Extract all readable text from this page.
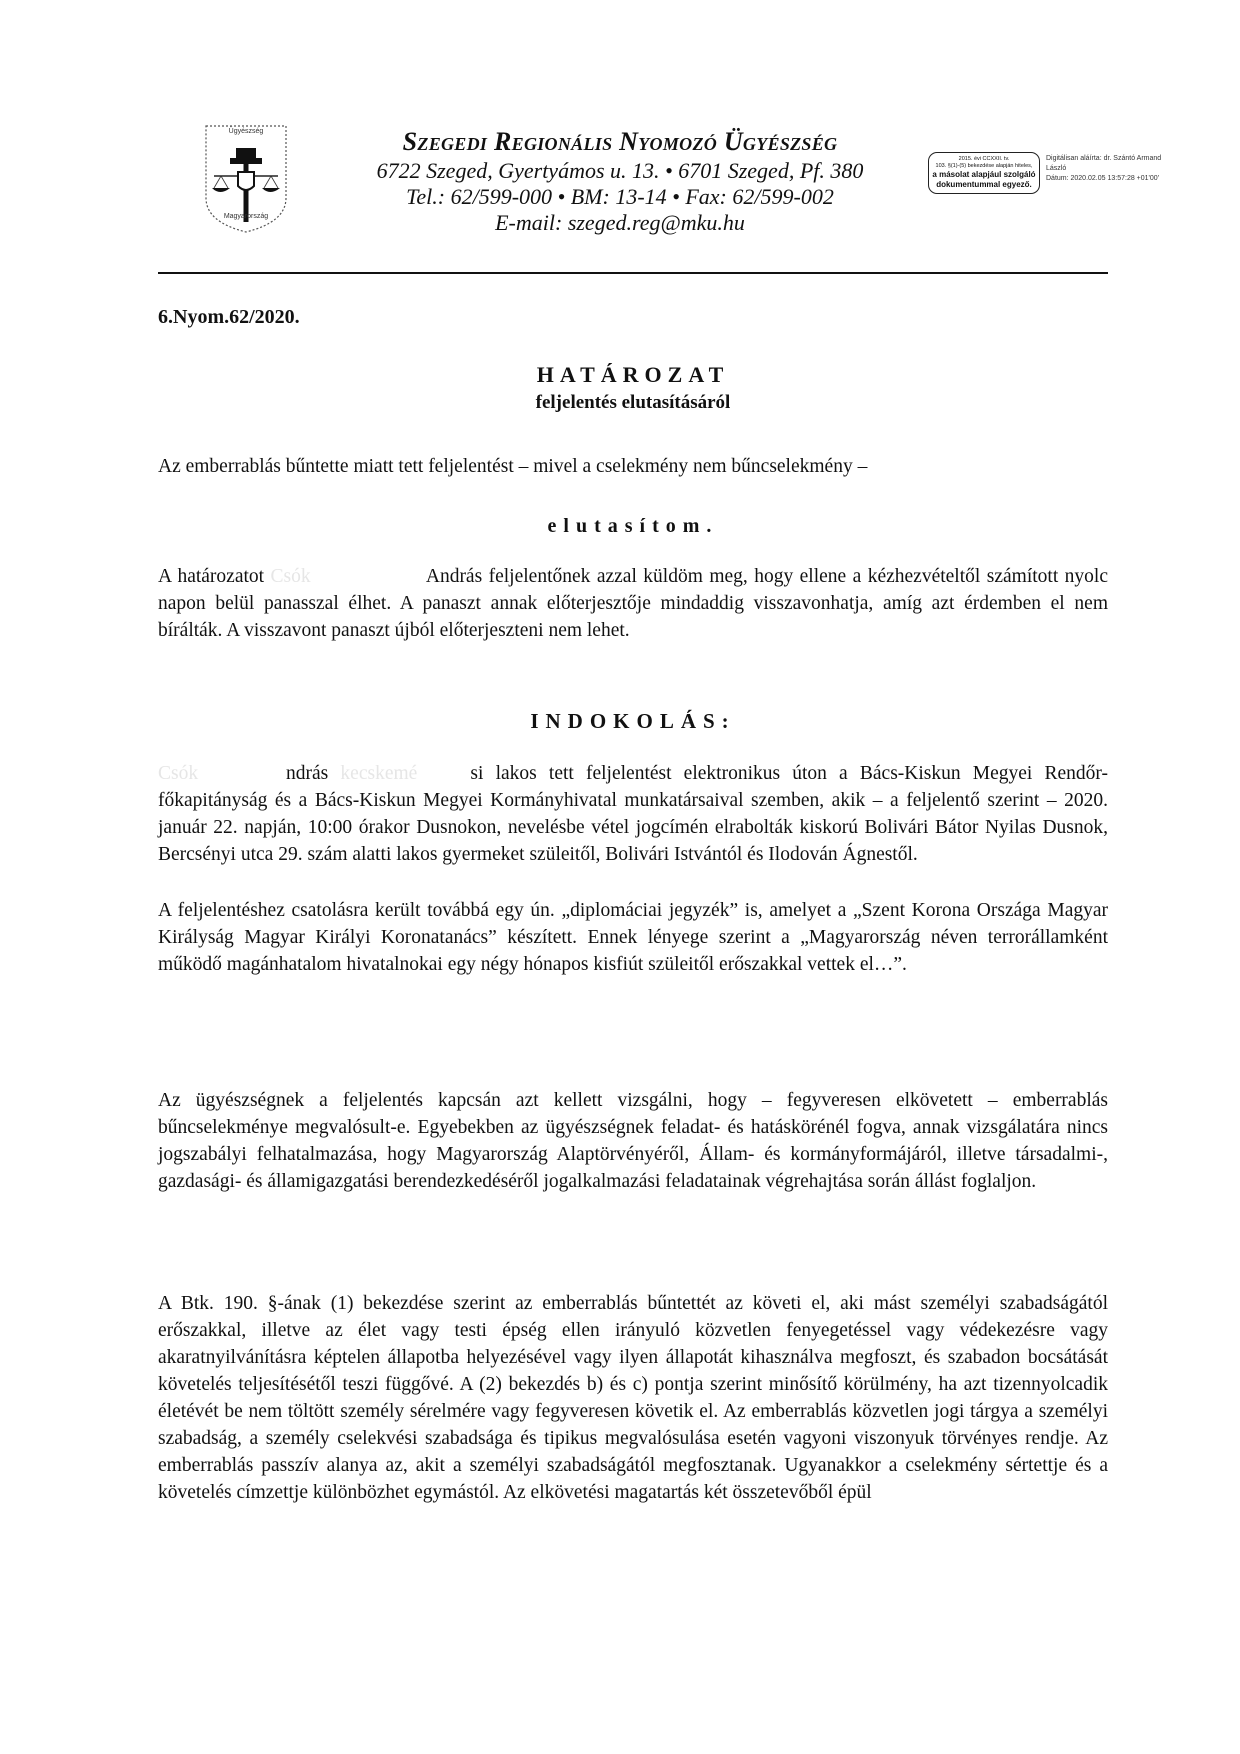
Ügyészség
Magyarország
Szegedi Regionális Nyomozó Ügyészség
6722 Szeged, Gyertyámos u. 13. • 6701 Szeged, Pf. 380
Tel.: 62/599-000 • BM: 13-14 • Fax: 62/599-002
E-mail: szeged.reg@mku.hu
2015. évi CCXXII. tv.
103. §(1)-(5) bekezdése alapján hiteles,
a másolat alapjául szolgáló
dokumentummal egyező.
Digitálisan aláírta: dr. Szántó Armand
László
Dátum: 2020.02.05 13:57:28 +01'00'
6.Nyom.62/2020.
HATÁROZAT
feljelentés elutasításáról
Az emberrablás bűntette miatt tett feljelentést – mivel a cselekmény nem bűncselekmény –
elutasítom.
A határozatot Csók	András feljelentőnek azzal küldöm meg, hogy ellene a kézhezvételtől számított nyolc napon belül panasszal élhet. A panaszt annak előterjesztője mindaddig visszavonhatja, amíg azt érdemben el nem bírálták. A visszavont panaszt újból előterjeszteni nem lehet.
INDOKOLÁS:
Csók	ndrás kecskemé	si lakos tett feljelentést elektronikus úton a Bács-Kiskun Megyei Rendőr-főkapitányság és a Bács-Kiskun Megyei Kormányhivatal munkatársaival szemben, akik – a feljelentő szerint – 2020. január 22. napján, 10:00 órakor Dusnokon, nevelésbe vétel jogcímén elrabolták kiskorú Bolivári Bátor Nyilas Dusnok, Bercsényi utca 29. szám alatti lakos gyermeket szüleitől, Bolivári Istvántól és Ilodován Ágnestől.
A feljelentéshez csatolásra került továbbá egy ún. „diplomáciai jegyzék” is, amelyet a „Szent Korona Országa Magyar Királyság Magyar Királyi Koronatanács” készített. Ennek lényege szerint a „Magyarország néven terrorállamként működő magánhatalom hivatalnokai egy négy hónapos kisfiút szüleitől erőszakkal vettek el…”.
Az ügyészségnek a feljelentés kapcsán azt kellett vizsgálni, hogy – fegyveresen elkövetett – emberrablás bűncselekménye megvalósult-e. Egyebekben az ügyészségnek feladat- és hatáskörénél fogva, annak vizsgálatára nincs jogszabályi felhatalmazása, hogy Magyarország Alaptörvényéről, Állam- és kormányformájáról, illetve társadalmi-, gazdasági- és államigazgatási berendezkedéséről jogalkalmazási feladatainak végrehajtása során állást foglaljon.
A Btk. 190. §-ának (1) bekezdése szerint az emberrablás bűntettét az követi el, aki mást személyi szabadságától erőszakkal, illetve az élet vagy testi épség ellen irányuló közvetlen fenyegetéssel vagy védekezésre vagy akaratnyilvánításra képtelen állapotba helyezésével vagy ilyen állapotát kihasználva megfoszt, és szabadon bocsátását követelés teljesítésétől teszi függővé. A (2) bekezdés b) és c) pontja szerint minősítő körülmény, ha azt tizennyolcadik életévét be nem töltött személy sérelmére vagy fegyveresen követik el. Az emberrablás közvetlen jogi tárgya a személyi szabadság, a személy cselekvési szabadsága és tipikus megvalósulása esetén vagyoni viszonyuk törvényes rendje. Az emberrablás passzív alanya az, akit a személyi szabadságától megfosztanak. Ugyanakkor a cselekmény sértettje és a követelés címzettje különbözhet egymástól. Az elkövetési magatartás két összetevőből épül
